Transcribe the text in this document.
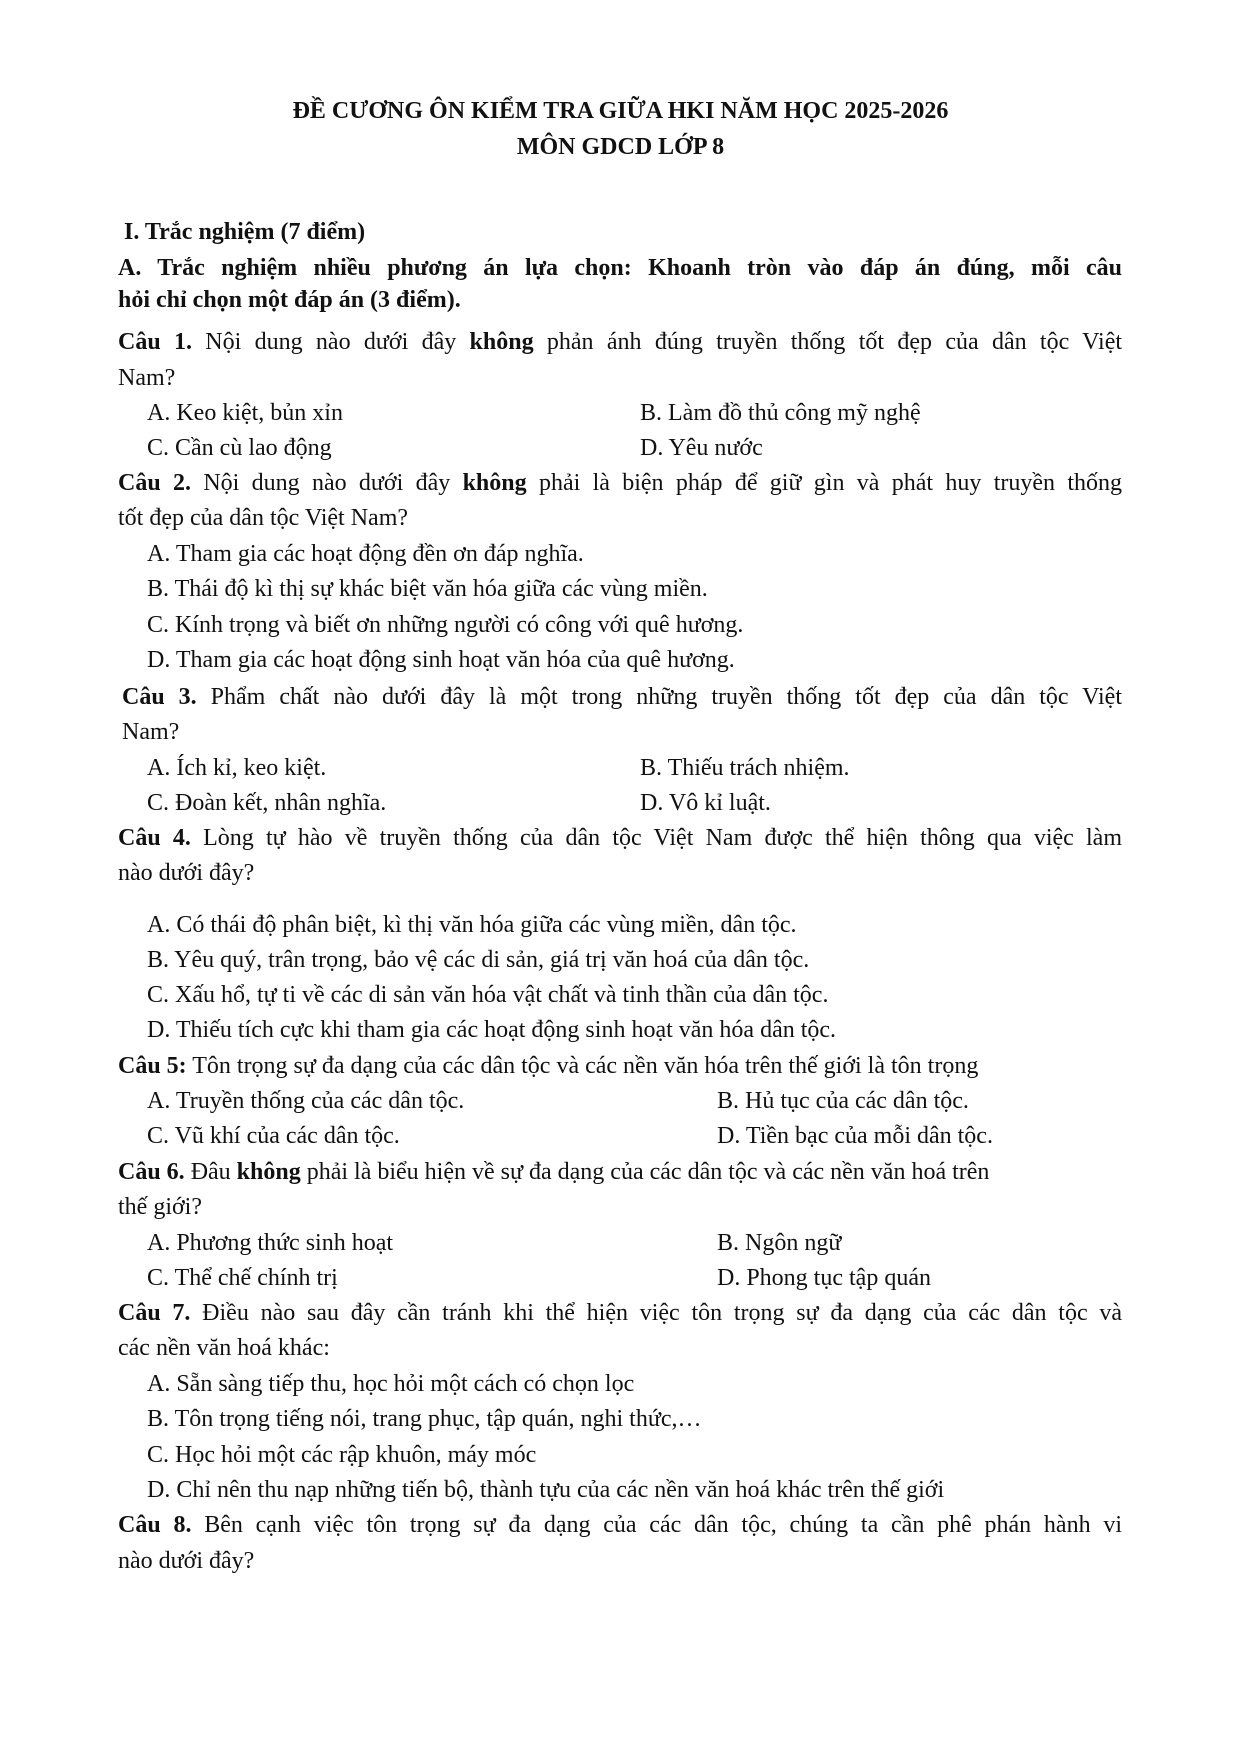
ĐỀ CƯƠNG ÔN KIỂM TRA GIỮA HKI NĂM HỌC 2025-2026
MÔN GDCD LỚP 8
I. Trắc nghiệm (7 điểm)
A. Trắc nghiệm nhiều phương án lựa chọn: Khoanh tròn vào đáp án đúng, mỗi câu
hỏi chỉ chọn một đáp án (3 điểm).
Câu 1. Nội dung nào dưới đây không phản ánh đúng truyền thống tốt đẹp của dân tộc Việt
Nam?
A. Keo kiệt, bủn xỉn	B. Làm đồ thủ công mỹ nghệ
C. Cần cù lao động	D. Yêu nước
Câu 2. Nội dung nào dưới đây không phải là biện pháp để giữ gìn và phát huy truyền thống
tốt đẹp của dân tộc Việt Nam?
A. Tham gia các hoạt động đền ơn đáp nghĩa.
B. Thái độ kì thị sự khác biệt văn hóa giữa các vùng miền.
C. Kính trọng và biết ơn những người có công với quê hương.
D. Tham gia các hoạt động sinh hoạt văn hóa của quê hương.
Câu 3. Phẩm chất nào dưới đây là một trong những truyền thống tốt đẹp của dân tộc Việt
Nam?
A. Ích kỉ, keo kiệt.	B. Thiếu trách nhiệm.
C. Đoàn kết, nhân nghĩa.	D. Vô kỉ luật.
Câu 4. Lòng tự hào về truyền thống của dân tộc Việt Nam được thể hiện thông qua việc làm
nào dưới đây?
A. Có thái độ phân biệt, kì thị văn hóa giữa các vùng miền, dân tộc.
B. Yêu quý, trân trọng, bảo vệ các di sản, giá trị văn hoá của dân tộc.
C. Xấu hổ, tự ti về các di sản văn hóa vật chất và tinh thần của dân tộc.
D. Thiếu tích cực khi tham gia các hoạt động sinh hoạt văn hóa dân tộc.
Câu 5: Tôn trọng sự đa dạng của các dân tộc và các nền văn hóa trên thế giới là tôn trọng
A. Truyền thống của các dân tộc.	B. Hủ tục của các dân tộc.
C. Vũ khí của các dân tộc.	D. Tiền bạc của mỗi dân tộc.
Câu 6. Đâu không phải là biểu hiện về sự đa dạng của các dân tộc và các nền văn hoá trên
thế giới?
A. Phương thức sinh hoạt	B. Ngôn ngữ
C. Thể chế chính trị	D. Phong tục tập quán
Câu 7. Điều nào sau đây cần tránh khi thể hiện việc tôn trọng sự đa dạng của các dân tộc và
các nền văn hoá khác:
A. Sẵn sàng tiếp thu, học hỏi một cách có chọn lọc
B. Tôn trọng tiếng nói, trang phục, tập quán, nghi thức,…
C. Học hỏi một các rập khuôn, máy móc
D. Chỉ nên thu nạp những tiến bộ, thành tựu của các nền văn hoá khác trên thế giới
Câu 8. Bên cạnh việc tôn trọng sự đa dạng của các dân tộc, chúng ta cần phê phán hành vi
nào dưới đây?
